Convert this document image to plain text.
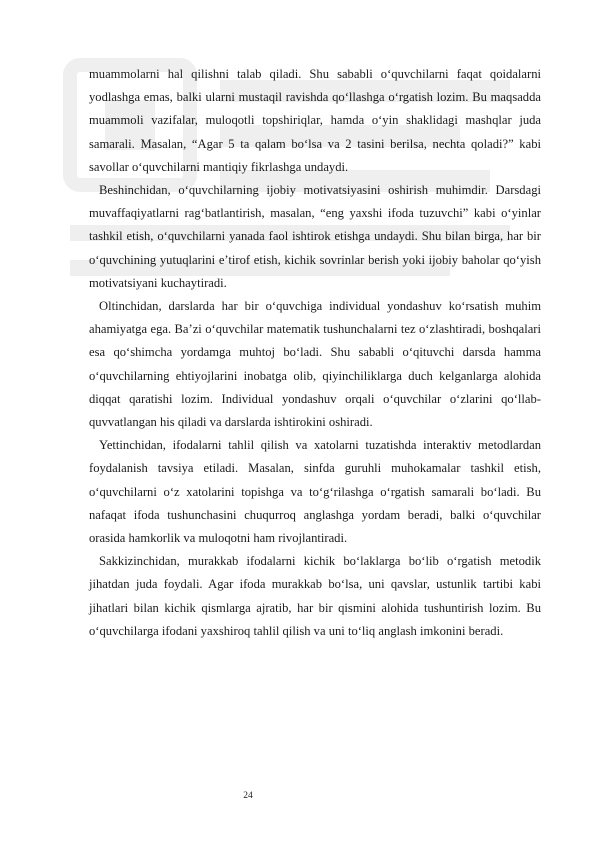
muammolarni hal qilishni talab qiladi. Shu sababli o‘quvchilarni faqat qoidalarni yodlashga emas, balki ularni mustaqil ravishda qo‘llashga o‘rgatish lozim. Bu maqsadda muammoli vazifalar, muloqotli topshiriqlar, hamda o‘yin shaklidagi mashqlar juda samarali. Masalan, “Agar 5 ta qalam bo‘lsa va 2 tasini berilsa, nechta qoladi?” kabi savollar o‘quvchilarni mantiqiy fikrlashga undaydi.

Beshinchidan, o‘quvchilarning ijobiy motivatsiyasini oshirish muhimdir. Darsdagi muvaffaqiyatlarni rag‘batlantirish, masalan, “eng yaxshi ifoda tuzuvchi” kabi o‘yinlar tashkil etish, o‘quvchilarni yanada faol ishtirok etishga undaydi. Shu bilan birga, har bir o‘quvchining yutuqlarini e’tirof etish, kichik sovrinlar berish yoki ijobiy baholar qo‘yish motivatsiyani kuchaytiradi.

Oltinchidan, darslarda har bir o‘quvchiga individual yondashuv ko‘rsatish muhim ahamiyatga ega. Ba’zi o‘quvchilar matematik tushunchalarni tez o‘zlashtiradi, boshqalari esa qo‘shimcha yordamga muhtoj bo‘ladi. Shu sababli o‘qituvchi darsda hamma o‘quvchilarning ehtiyojlarini inobatga olib, qiyinchiliklarga duch kelganlarga alohida diqqat qaratishi lozim. Individual yondashuv orqali o‘quvchilar o‘zlarini qo‘llab-quvvatlangan his qiladi va darslarda ishtirokini oshiradi.

Yettinchidan, ifodalarni tahlil qilish va xatolarni tuzatishda interaktiv metodlardan foydalanish tavsiya etiladi. Masalan, sinfda guruhli muhokamalar tashkil etish, o‘quvchilarni o‘z xatolarini topishga va to‘g‘rilashga o‘rgatish samarali bo‘ladi. Bu nafaqat ifoda tushunchasini chuqurroq anglashga yordam beradi, balki o‘quvchilar orasida hamkorlik va muloqotni ham rivojlantiradi.

Sakkizinchidan, murakkab ifodalarni kichik bo‘laklarga bo‘lib o‘rgatish metodik jihatdan juda foydali. Agar ifoda murakkab bo‘lsa, uni qavslar, ustunlik tartibi kabi jihatlari bilan kichik qismlarga ajratib, har bir qismini alohida tushuntirish lozim. Bu o‘quvchilarga ifodani yaxshiroq tahlil qilish va uni to‘liq anglash imkonini beradi.

24
